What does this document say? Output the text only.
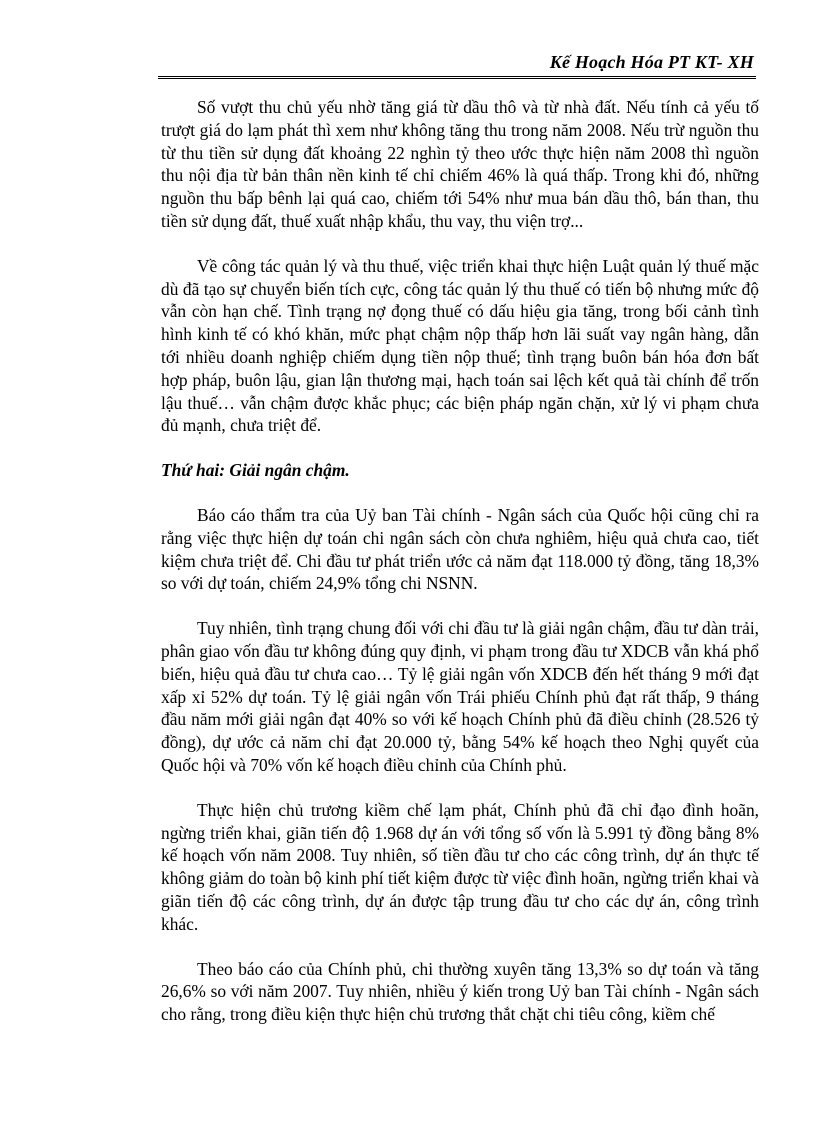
Kế Hoạch Hóa PT KT- XH

Số vượt thu chủ yếu nhờ tăng giá từ dầu thô và từ nhà đất. Nếu tính cả yếu tố trượt giá do lạm phát thì xem như không tăng thu trong năm 2008. Nếu trừ nguồn thu từ thu tiền sử dụng đất khoảng 22 nghìn tỷ theo ước thực hiện năm 2008 thì nguồn thu nội địa từ bản thân nền kinh tế chỉ chiếm 46% là quá thấp. Trong khi đó, những nguồn thu bấp bênh lại quá cao, chiếm tới 54% như mua bán dầu thô, bán than, thu tiền sử dụng đất, thuế xuất nhập khẩu, thu vay, thu viện trợ...

Về công tác quản lý và thu thuế, việc triển khai thực hiện Luật quản lý thuế mặc dù đã tạo sự chuyển biến tích cực, công tác quản lý thu thuế có tiến bộ nhưng mức độ vẫn còn hạn chế. Tình trạng nợ đọng thuế có dấu hiệu gia tăng, trong bối cảnh tình hình kinh tế có khó khăn, mức phạt chậm nộp thấp hơn lãi suất vay ngân hàng, dẫn tới nhiều doanh nghiệp chiếm dụng tiền nộp thuế; tình trạng buôn bán hóa đơn bất hợp pháp, buôn lậu, gian lận thương mại, hạch toán sai lệch kết quả tài chính để trốn lậu thuế… vẫn chậm được khắc phục; các biện pháp ngăn chặn, xử lý vi phạm chưa đủ mạnh, chưa triệt để.

Thứ hai: Giải ngân chậm.

Báo cáo thẩm tra của Uỷ ban Tài chính - Ngân sách của Quốc hội cũng chỉ ra rằng việc thực hiện dự toán chi ngân sách còn chưa nghiêm, hiệu quả chưa cao, tiết kiệm chưa triệt để. Chi đầu tư phát triển ước cả năm đạt 118.000 tỷ đồng, tăng 18,3% so với dự toán, chiếm 24,9% tổng chi NSNN.

Tuy nhiên, tình trạng chung đối với chi đầu tư là giải ngân chậm, đầu tư dàn trải, phân giao vốn đầu tư không đúng quy định, vi phạm trong đầu tư XDCB vẫn khá phổ biến, hiệu quả đầu tư chưa cao… Tỷ lệ giải ngân vốn XDCB đến hết tháng 9 mới đạt xấp xỉ 52% dự toán. Tỷ lệ giải ngân vốn Trái phiếu Chính phủ đạt rất thấp, 9 tháng đầu năm mới giải ngân đạt 40% so với kế hoạch Chính phủ đã điều chỉnh (28.526 tỷ đồng), dự ước cả năm chỉ đạt 20.000 tỷ, bằng 54% kế hoạch theo Nghị quyết của Quốc hội và 70% vốn kế hoạch điều chỉnh của Chính phủ.

Thực hiện chủ trương kiềm chế lạm phát, Chính phủ đã chỉ đạo đình hoãn, ngừng triển khai, giãn tiến độ 1.968 dự án với tổng số vốn là 5.991 tỷ đồng bằng 8% kế hoạch vốn năm 2008. Tuy nhiên, số tiền đầu tư cho các công trình, dự án thực tế không giảm do toàn bộ kinh phí tiết kiệm được từ việc đình hoãn, ngừng triển khai và giãn tiến độ các công trình, dự án được tập trung đầu tư cho các dự án, công trình khác.

Theo báo cáo của Chính phủ, chi thường xuyên tăng 13,3% so dự toán và tăng 26,6% so với năm 2007. Tuy nhiên, nhiều ý kiến trong Uỷ ban Tài chính - Ngân sách cho rằng, trong điều kiện thực hiện chủ trương thắt chặt chi tiêu công, kiềm chế
